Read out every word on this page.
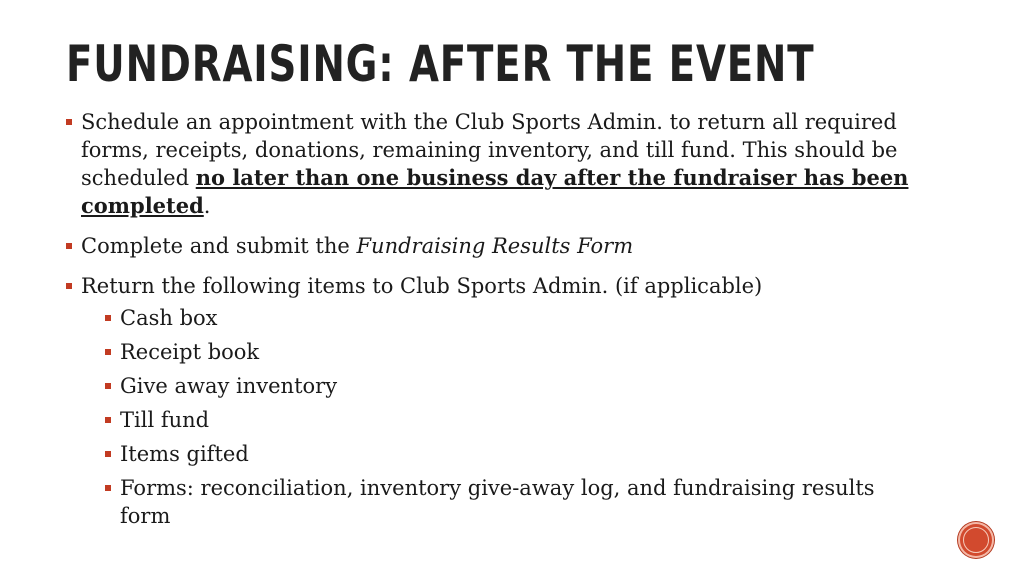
FUNDRAISING: AFTER THE EVENT
Schedule an appointment with the Club Sports Admin. to return all required forms, receipts, donations, remaining inventory, and till fund. This should be scheduled no later than one business day after the fundraiser has been completed.
Complete and submit the Fundraising Results Form
Return the following items to Club Sports Admin. (if applicable)
Cash box
Receipt book
Give away inventory
Till fund
Items gifted
Forms: reconciliation, inventory give-away log, and fundraising results form
